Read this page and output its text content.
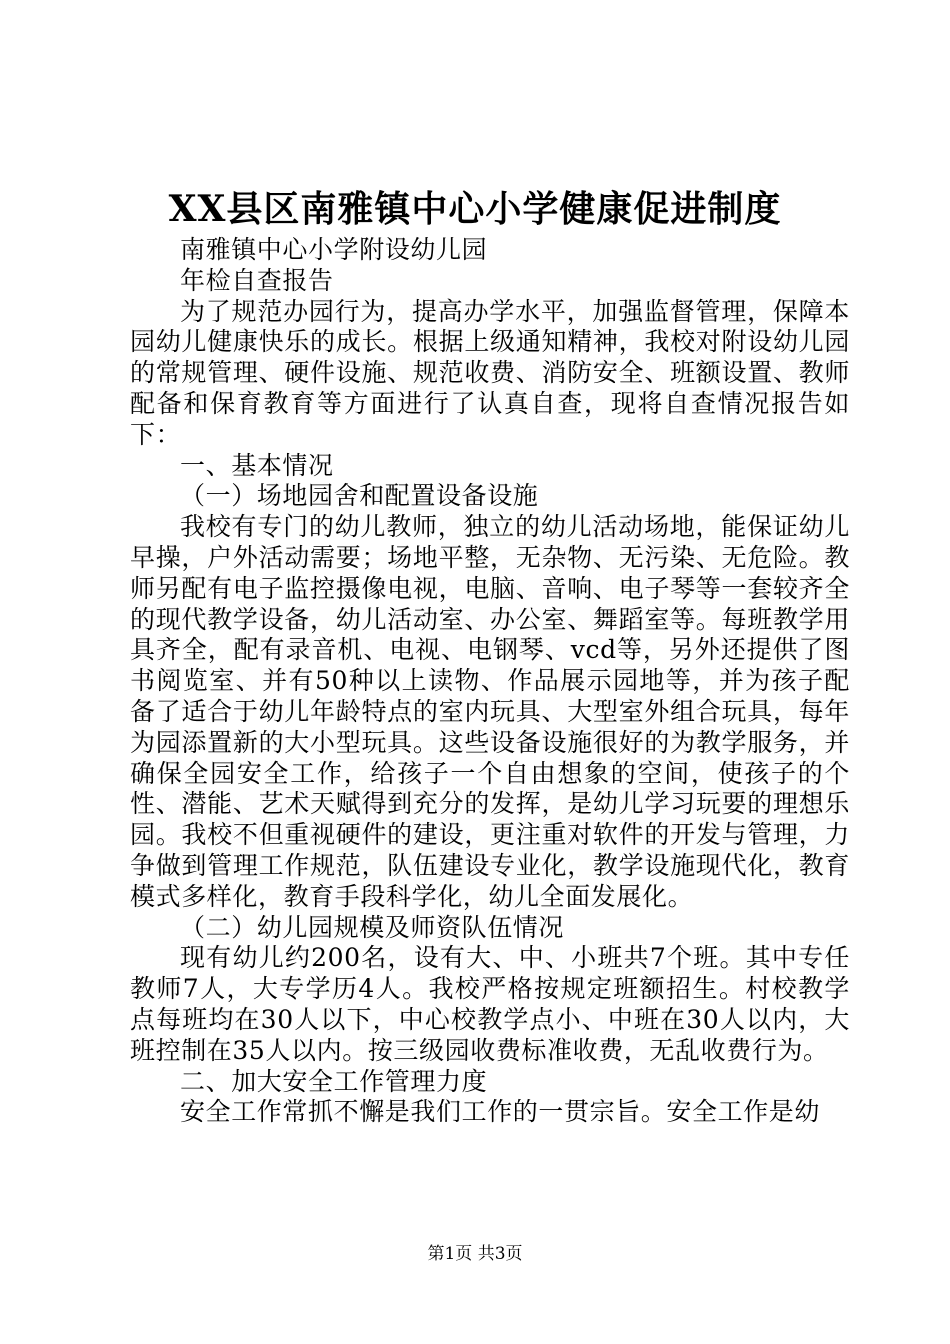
XX县区南雅镇中心小学健康促进制度

南雅镇中心小学附设幼儿园

年检自查报告

为了规范办园行为，提高办学水平，加强监督管理，保障本园幼儿健康快乐的成长。根据上级通知精神，我校对附设幼儿园的常规管理、硬件设施、规范收费、消防安全、班额设置、教师配备和保育教育等方面进行了认真自查，现将自查情况报告如下：

一、基本情况

（一）场地园舍和配置设备设施

我校有专门的幼儿教师，独立的幼儿活动场地，能保证幼儿早操，户外活动需要；场地平整，无杂物、无污染、无危险。教师另配有电子监控摄像电视，电脑、音响、电子琴等一套较齐全的现代教学设备，幼儿活动室、办公室、舞蹈室等。每班教学用具齐全，配有录音机、电视、电钢琴、vcd等，另外还提供了图书阅览室、并有50种以上读物、作品展示园地等，并为孩子配备了适合于幼儿年龄特点的室内玩具、大型室外组合玩具，每年为园添置新的大小型玩具。这些设备设施很好的为教学服务，并确保全园安全工作，给孩子一个自由想象的空间，使孩子的个性、潜能、艺术天赋得到充分的发挥，是幼儿学习玩要的理想乐园。我校不但重视硬件的建设，更注重对软件的开发与管理，力争做到管理工作规范，队伍建设专业化，教学设施现代化，教育模式多样化，教育手段科学化，幼儿全面发展化。

（二）幼儿园规模及师资队伍情况

现有幼儿约200名，设有大、中、小班共7个班。其中专任教师7人，大专学历4人。我校严格按规定班额招生。村校教学点每班均在30人以下，中心校教学点小、中班在30人以内，大班控制在35人以内。按三级园收费标准收费，无乱收费行为。

二、加大安全工作管理力度

安全工作常抓不懈是我们工作的一贯宗旨。安全工作是幼

第1页 共3页
